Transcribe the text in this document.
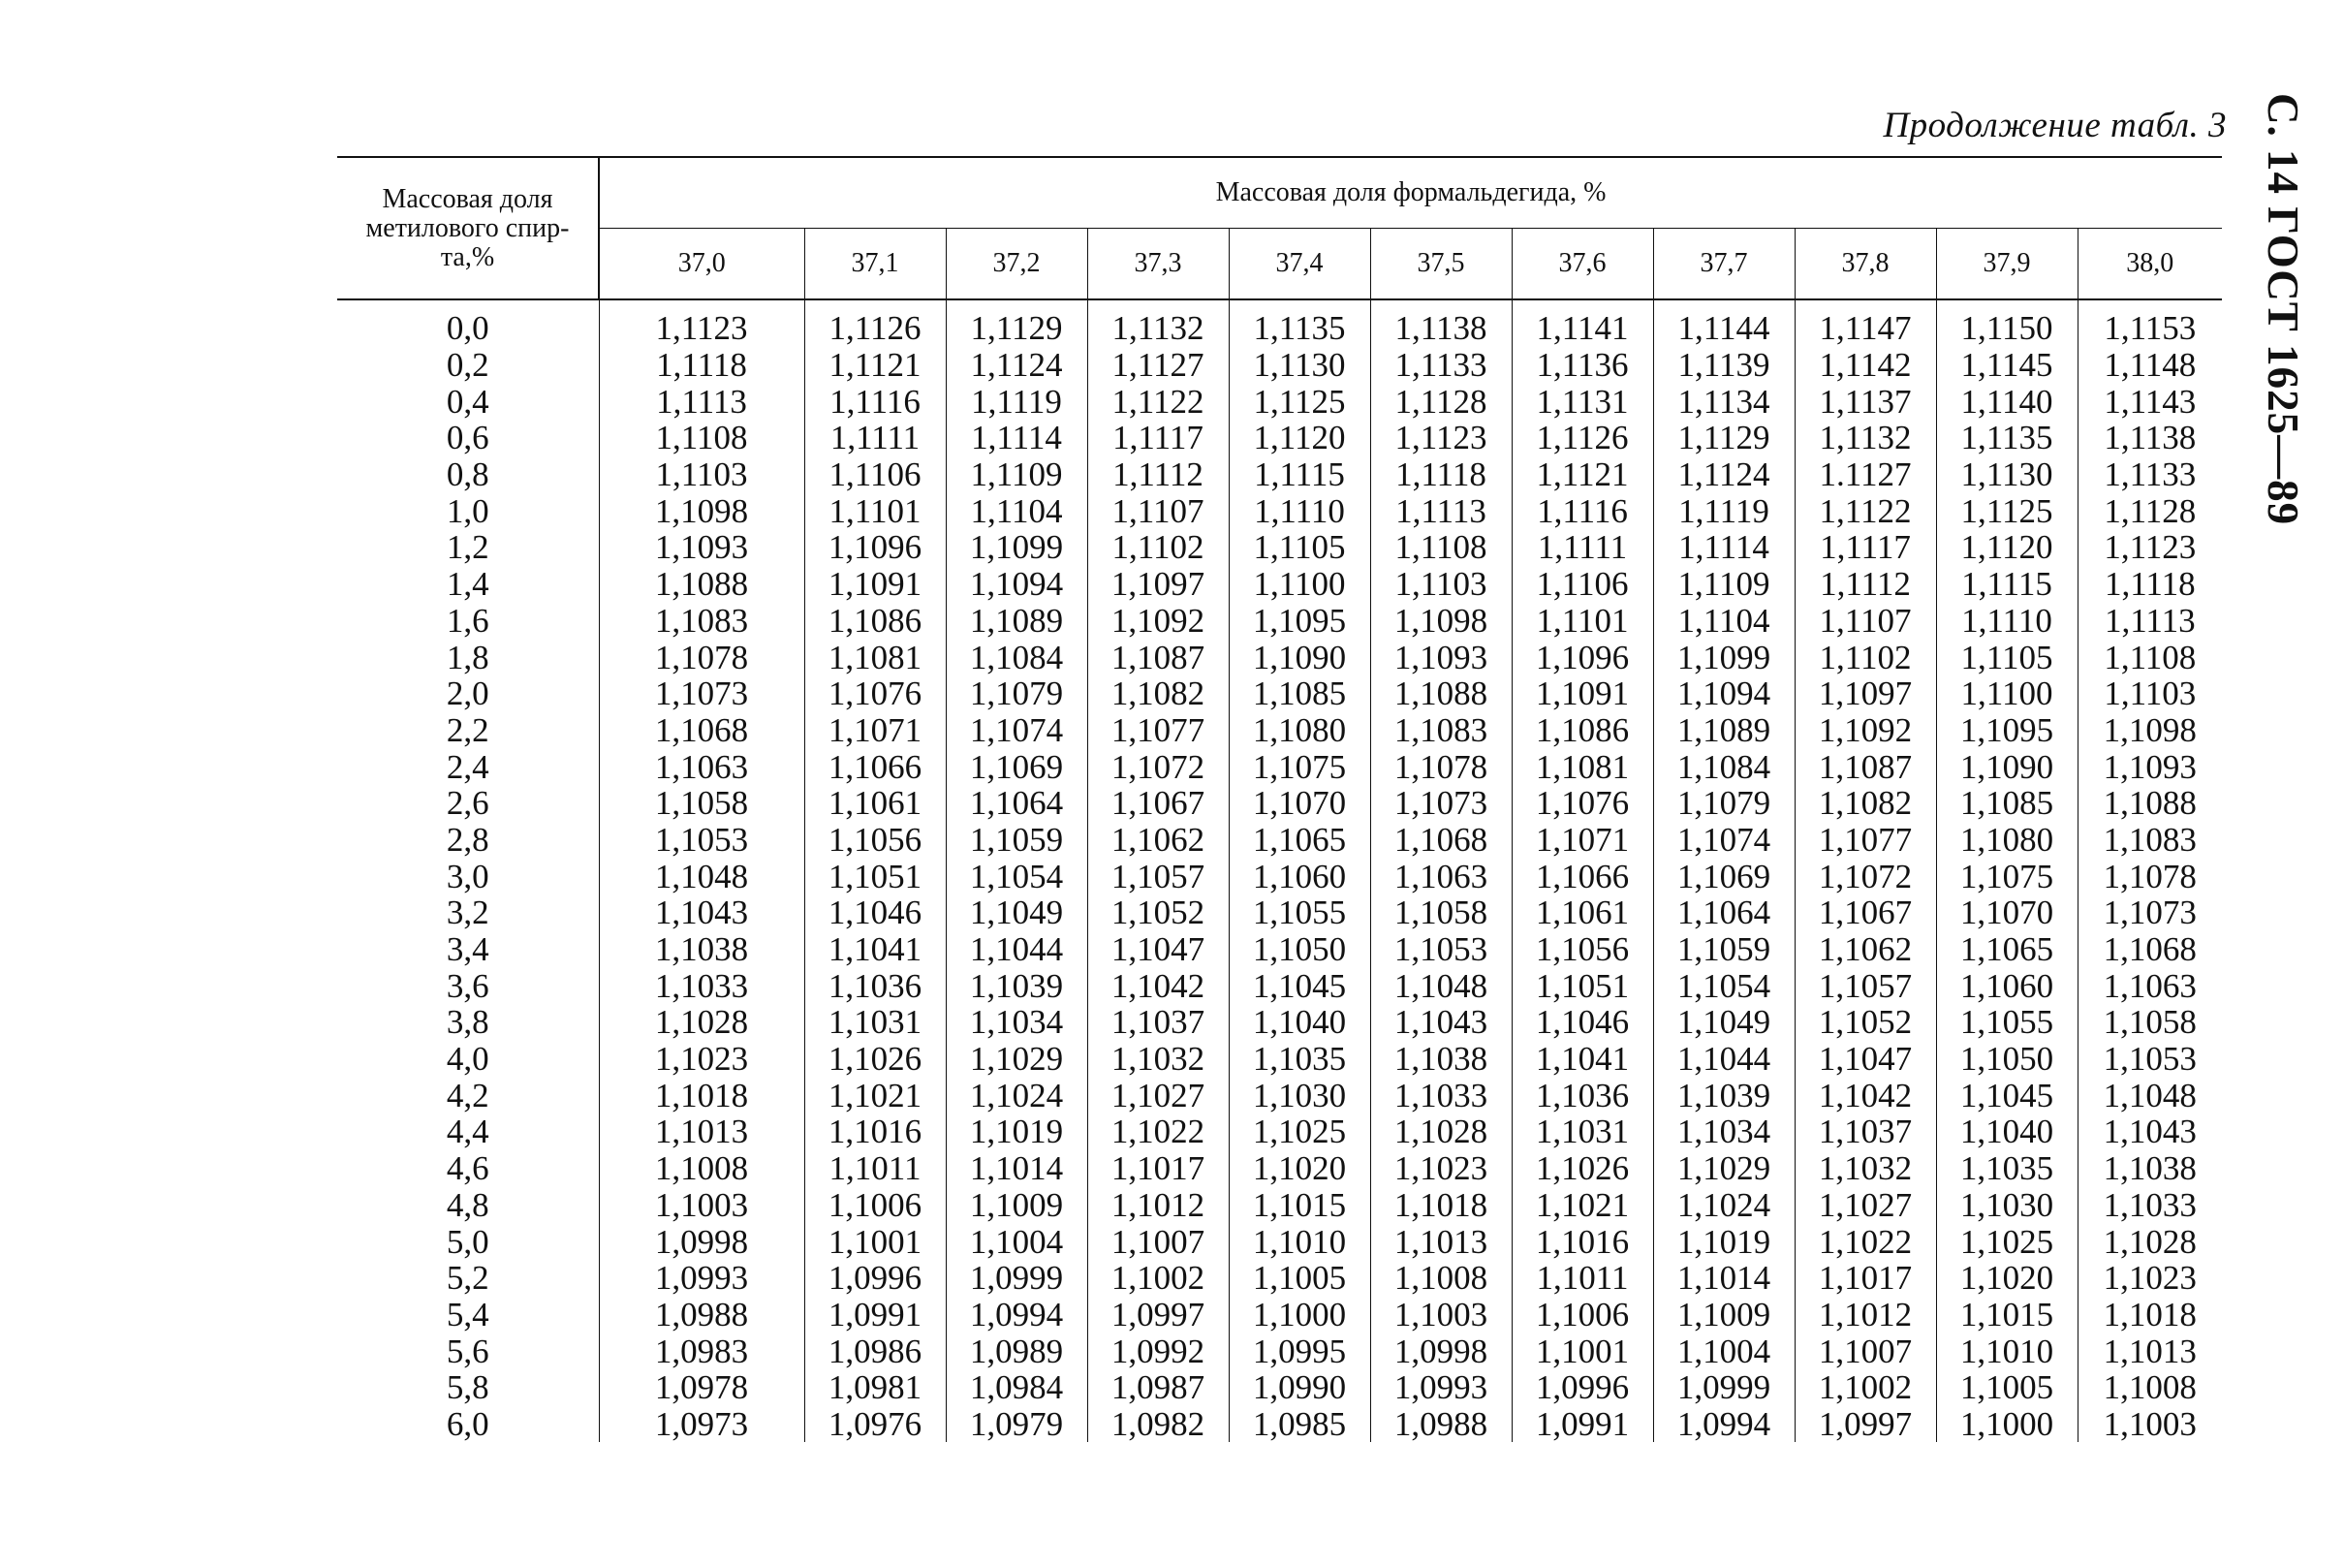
Продолжение табл. 3 С. 14 ГОСТ 1625—89
Массовая доля метилового спир-та,%	Массовая доля формальдегида, %										
	37,0	37,1	37,2	37,3	37,4	37,5	37,6	37,7	37,8	37,9	38,0
0,0	1,1123	1,1126	1,1129	1,1132	1,1135	1,1138	1,1141	1,1144	1,1147	1,1150	1,1153
0,2	1,1118	1,1121	1,1124	1,1127	1,1130	1,1133	1,1136	1,1139	1,1142	1,1145	1,1148
0,4	1,1113	1,1116	1,1119	1,1122	1,1125	1,1128	1,1131	1,1134	1,1137	1,1140	1,1143
0,6	1,1108	1,1111	1,1114	1,1117	1,1120	1,1123	1,1126	1,1129	1,1132	1,1135	1,1138
0,8	1,1103	1,1106	1,1109	1,1112	1,1115	1,1118	1,1121	1,1124	1.1127	1,1130	1,1133
1,0	1,1098	1,1101	1,1104	1,1107	1,1110	1,1113	1,1116	1,1119	1,1122	1,1125	1,1128
1,2	1,1093	1,1096	1,1099	1,1102	1,1105	1,1108	1,1111	1,1114	1,1117	1,1120	1,1123
1,4	1,1088	1,1091	1,1094	1,1097	1,1100	1,1103	1,1106	1,1109	1,1112	1,1115	1,1118
1,6	1,1083	1,1086	1,1089	1,1092	1,1095	1,1098	1,1101	1,1104	1,1107	1,1110	1,1113
1,8	1,1078	1,1081	1,1084	1,1087	1,1090	1,1093	1,1096	1,1099	1,1102	1,1105	1,1108
2,0	1,1073	1,1076	1,1079	1,1082	1,1085	1,1088	1,1091	1,1094	1,1097	1,1100	1,1103
2,2	1,1068	1,1071	1,1074	1,1077	1,1080	1,1083	1,1086	1,1089	1,1092	1,1095	1,1098
2,4	1,1063	1,1066	1,1069	1,1072	1,1075	1,1078	1,1081	1,1084	1,1087	1,1090	1,1093
2,6	1,1058	1,1061	1,1064	1,1067	1,1070	1,1073	1,1076	1,1079	1,1082	1,1085	1,1088
2,8	1,1053	1,1056	1,1059	1,1062	1,1065	1,1068	1,1071	1,1074	1,1077	1,1080	1,1083
3,0	1,1048	1,1051	1,1054	1,1057	1,1060	1,1063	1,1066	1,1069	1,1072	1,1075	1,1078
3,2	1,1043	1,1046	1,1049	1,1052	1,1055	1,1058	1,1061	1,1064	1,1067	1,1070	1,1073
3,4	1,1038	1,1041	1,1044	1,1047	1,1050	1,1053	1,1056	1,1059	1,1062	1,1065	1,1068
3,6	1,1033	1,1036	1,1039	1,1042	1,1045	1,1048	1,1051	1,1054	1,1057	1,1060	1,1063
3,8	1,1028	1,1031	1,1034	1,1037	1,1040	1,1043	1,1046	1,1049	1,1052	1,1055	1,1058
4,0	1,1023	1,1026	1,1029	1,1032	1,1035	1,1038	1,1041	1,1044	1,1047	1,1050	1,1053
4,2	1,1018	1,1021	1,1024	1,1027	1,1030	1,1033	1,1036	1,1039	1,1042	1,1045	1,1048
4,4	1,1013	1,1016	1,1019	1,1022	1,1025	1,1028	1,1031	1,1034	1,1037	1,1040	1,1043
4,6	1,1008	1,1011	1,1014	1,1017	1,1020	1,1023	1,1026	1,1029	1,1032	1,1035	1,1038
4,8	1,1003	1,1006	1,1009	1,1012	1,1015	1,1018	1,1021	1,1024	1,1027	1,1030	1,1033
5,0	1,0998	1,1001	1,1004	1,1007	1,1010	1,1013	1,1016	1,1019	1,1022	1,1025	1,1028
5,2	1,0993	1,0996	1,0999	1,1002	1,1005	1,1008	1,1011	1,1014	1,1017	1,1020	1,1023
5,4	1,0988	1,0991	1,0994	1,0997	1,1000	1,1003	1,1006	1,1009	1,1012	1,1015	1,1018
5,6	1,0983	1,0986	1,0989	1,0992	1,0995	1,0998	1,1001	1,1004	1,1007	1,1010	1,1013
5,8	1,0978	1,0981	1,0984	1,0987	1,0990	1,0993	1,0996	1,0999	1,1002	1,1005	1,1008
6,0	1,0973	1,0976	1,0979	1,0982	1,0985	1,0988	1,0991	1,0994	1,0997	1,1000	1,1003
